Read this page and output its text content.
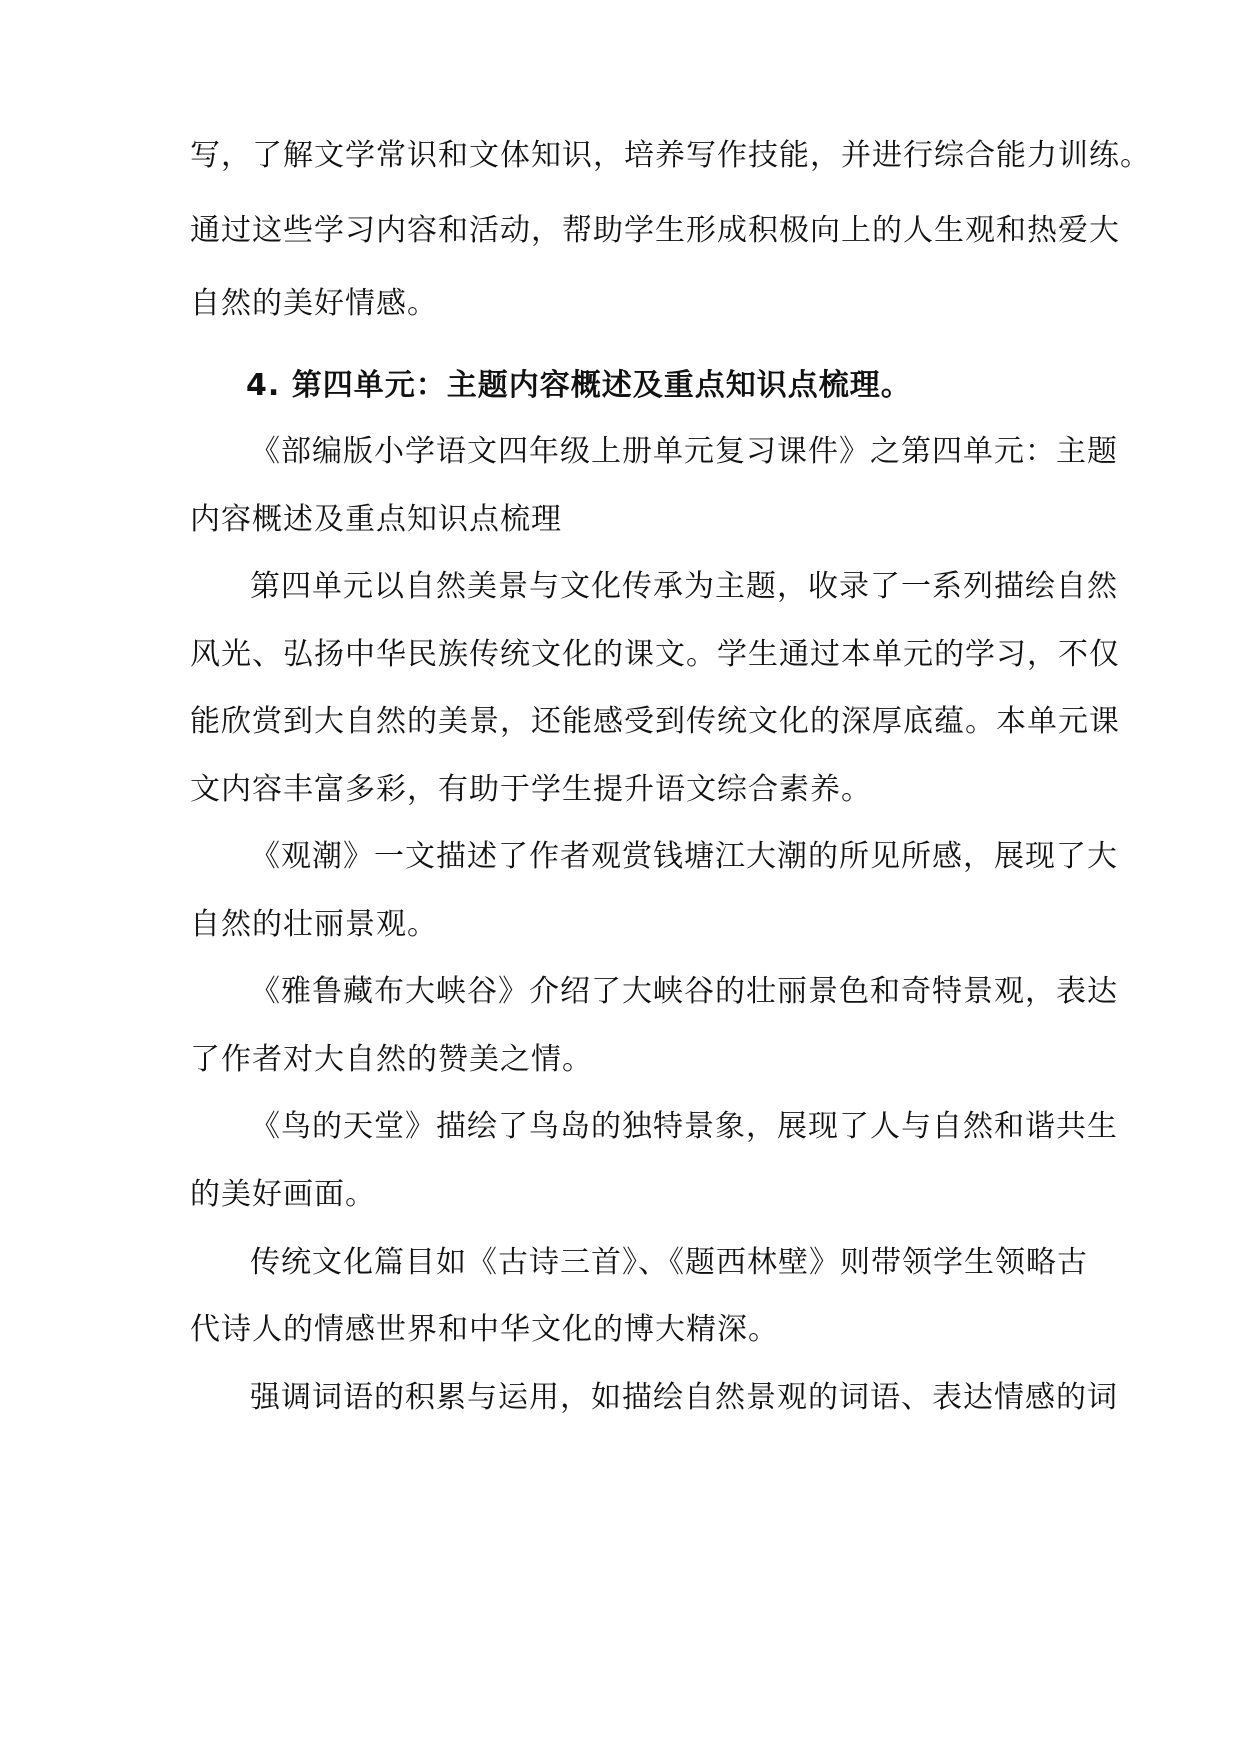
写，了解文学常识和文体知识，培养写作技能，并进行综合能力训练。
通过这些学习内容和活动，帮助学生形成积极向上的人生观和热爱大
自然的美好情感。
4. 第四单元：主题内容概述及重点知识点梳理。
《部编版小学语文四年级上册单元复习课件》之第四单元：主题
内容概述及重点知识点梳理
第四单元以自然美景与文化传承为主题，收录了一系列描绘自然
风光、弘扬中华民族传统文化的课文。学生通过本单元的学习，不仅
能欣赏到大自然的美景，还能感受到传统文化的深厚底蕴。本单元课
文内容丰富多彩，有助于学生提升语文综合素养。
《观潮》一文描述了作者观赏钱塘江大潮的所见所感，展现了大
自然的壮丽景观。
《雅鲁藏布大峡谷》介绍了大峡谷的壮丽景色和奇特景观，表达
了作者对大自然的赞美之情。
《鸟的天堂》描绘了鸟岛的独特景象，展现了人与自然和谐共生
的美好画面。
传统文化篇目如《古诗三首》、《题西林壁》则带领学生领略古
代诗人的情感世界和中华文化的博大精深。
强调词语的积累与运用，如描绘自然景观的词语、表达情感的词
